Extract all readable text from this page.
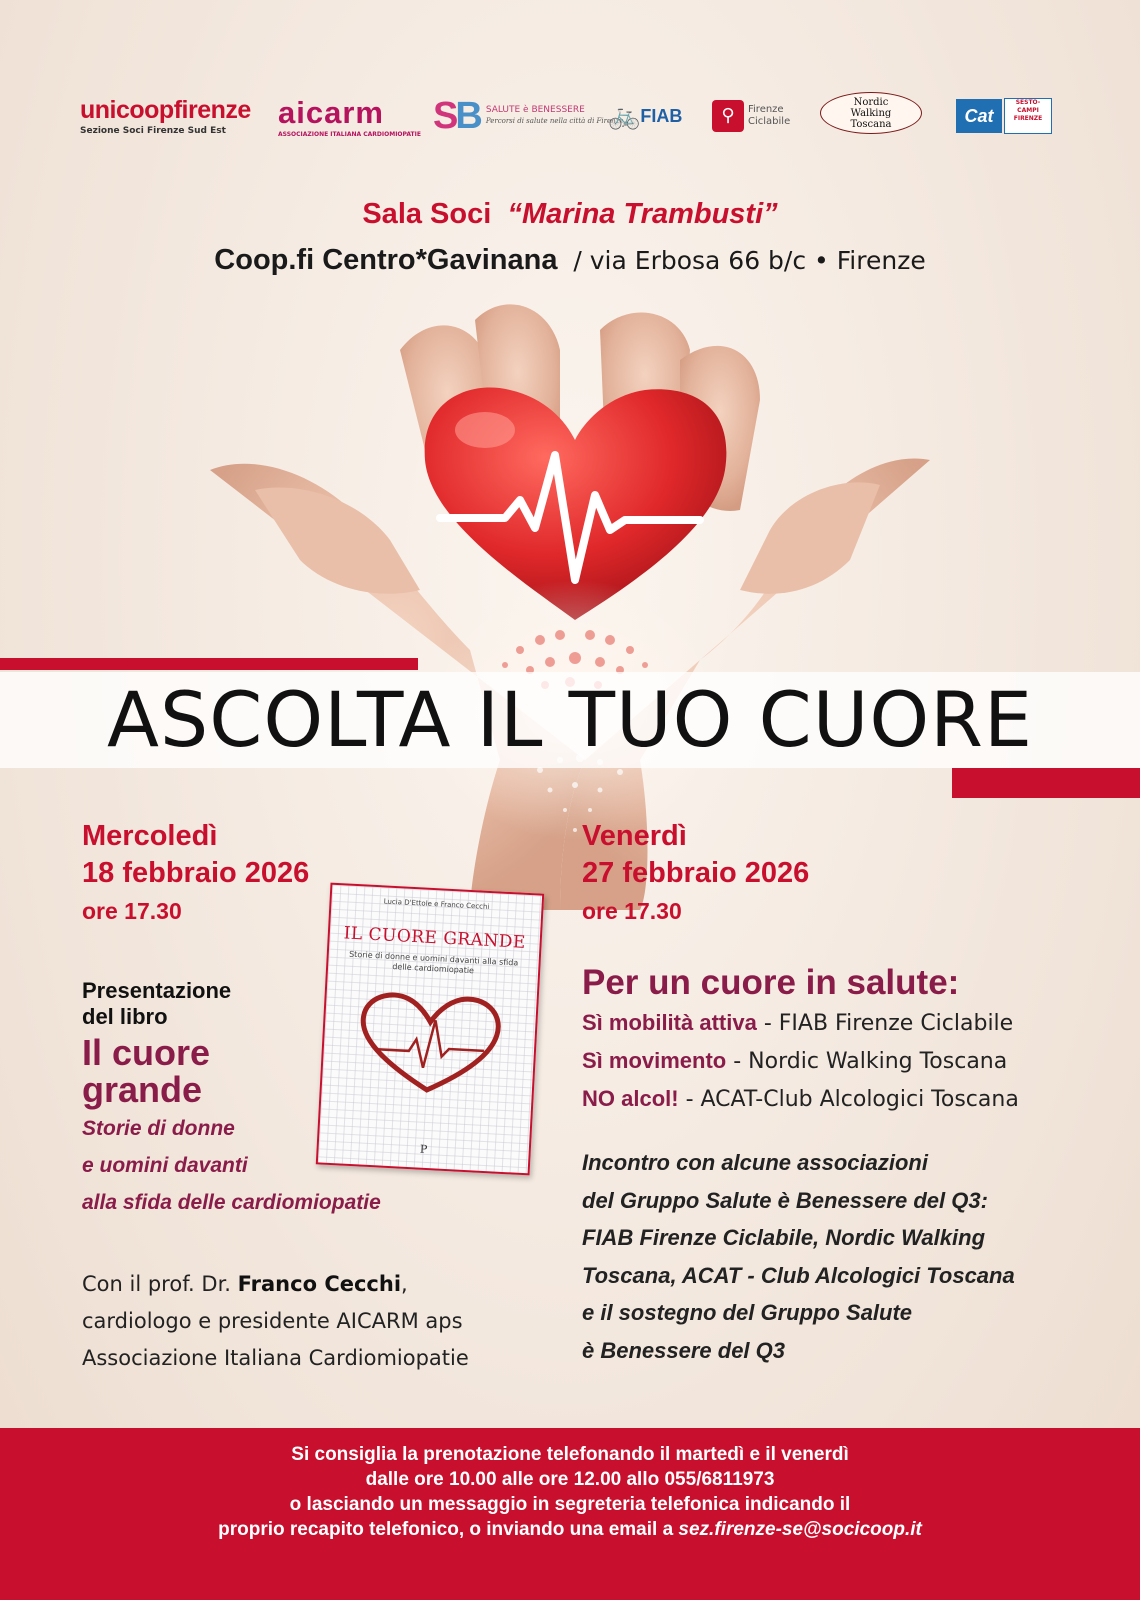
unicoopfirenze
Sezione Soci Firenze Sud Est
aicarm
ASSOCIAZIONE ITALIANA CARDIOMIOPATIE SB SALUTE è BENESSERE
Percorsi di salute nella città di Firenze
🚲 FIAB	⚲	Firenze
Ciclabile
Nordic
Walking
Toscana	Cat
SESTO-CAMPI FIRENZE
Sala Soci “Marina Trambusti”
Coop.fi Centro*Gavinana / via Erbosa 66 b/c • Firenze
ASCOLTA IL TUO CUORE
Mercoledì
18 febbraio 2026
ore 17.30
Presentazione
del libro
Il cuore
grande
Storie di donne
e uomini davanti
alla sfida delle cardiomiopatie
Con il prof. Dr. Franco Cecchi,
cardiologo e presidente AICARM aps
Associazione Italiana Cardiomiopatie
Lucia D'Ettole e Franco Cecchi
IL CUORE GRANDE
Storie di donne e uomini davanti alla sfida delle cardiomiopatie
P
Venerdì
27 febbraio 2026
ore 17.30
Per un cuore in salute:
Sì mobilità attiva - FIAB Firenze Ciclabile
Sì movimento - Nordic Walking Toscana
NO alcol! - ACAT-Club Alcologici Toscana
Incontro con alcune associazioni
del Gruppo Salute è Benessere del Q3:
FIAB Firenze Ciclabile, Nordic Walking
Toscana, ACAT - Club Alcologici Toscana
e il sostegno del Gruppo Salute
è Benessere del Q3
Si consiglia la prenotazione telefonando il martedì e il venerdì
dalle ore 10.00 alle ore 12.00 allo 055/6811973
o lasciando un messaggio in segreteria telefonica indicando il
proprio recapito telefonico, o inviando una email a sez.firenze-se@socicoop.it
